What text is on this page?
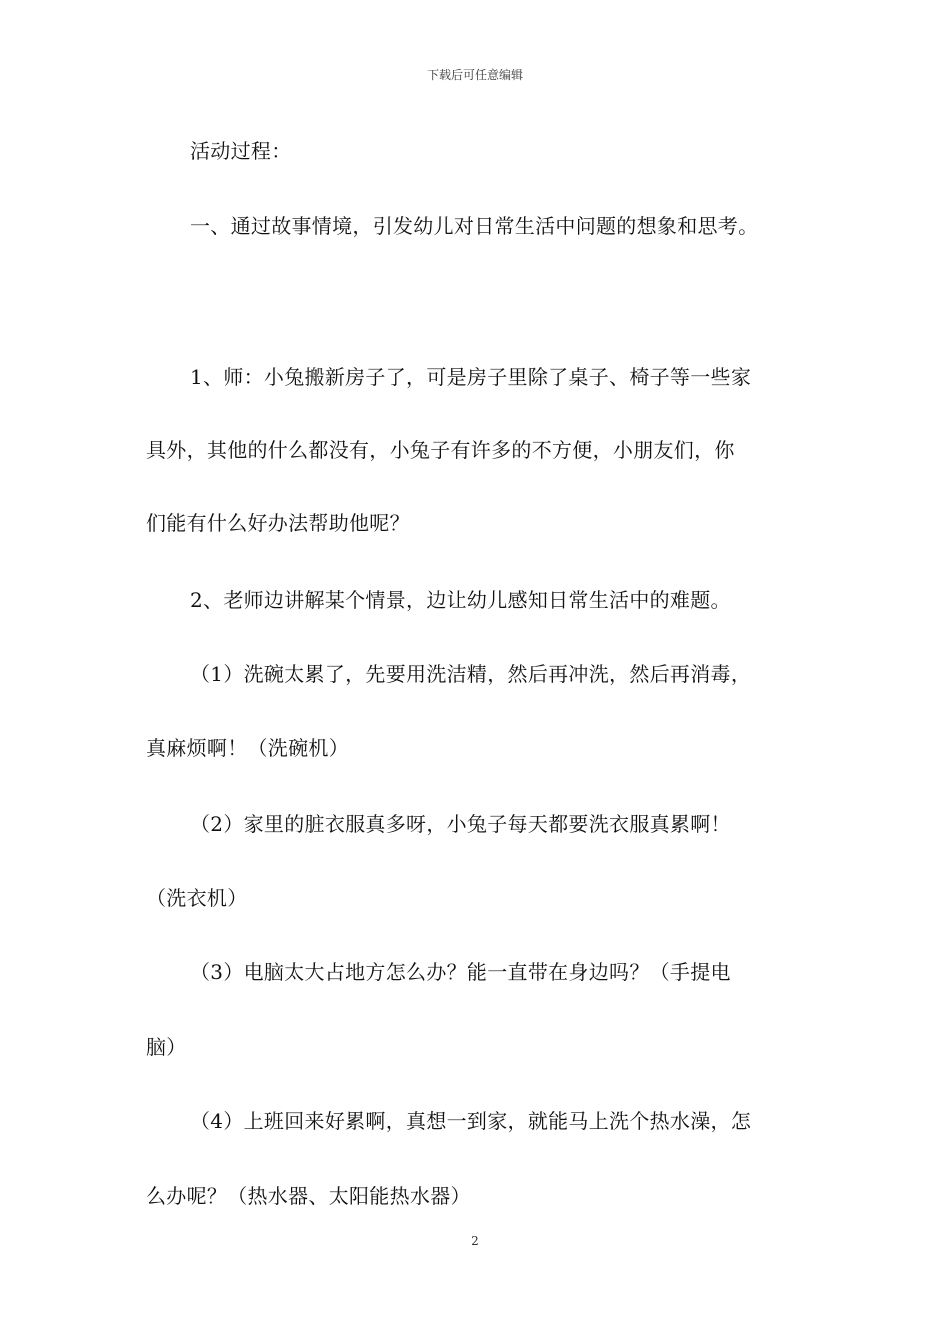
下载后可任意编辑
活动过程：
一、通过故事情境，引发幼儿对日常生活中问题的想象和思考。
1、师：小兔搬新房子了，可是房子里除了桌子、椅子等一些家
具外，其他的什么都没有，小兔子有许多的不方便，小朋友们，你
们能有什么好办法帮助他呢？
2、老师边讲解某个情景，边让幼儿感知日常生活中的难题。
（1）洗碗太累了，先要用洗洁精，然后再冲洗，然后再消毒，
真麻烦啊！（洗碗机）
（2）家里的脏衣服真多呀，小兔子每天都要洗衣服真累啊！
（洗衣机）
（3）电脑太大占地方怎么办？能一直带在身边吗？（手提电
脑）
（4）上班回来好累啊，真想一到家，就能马上洗个热水澡，怎
么办呢？（热水器、太阳能热水器）
2
